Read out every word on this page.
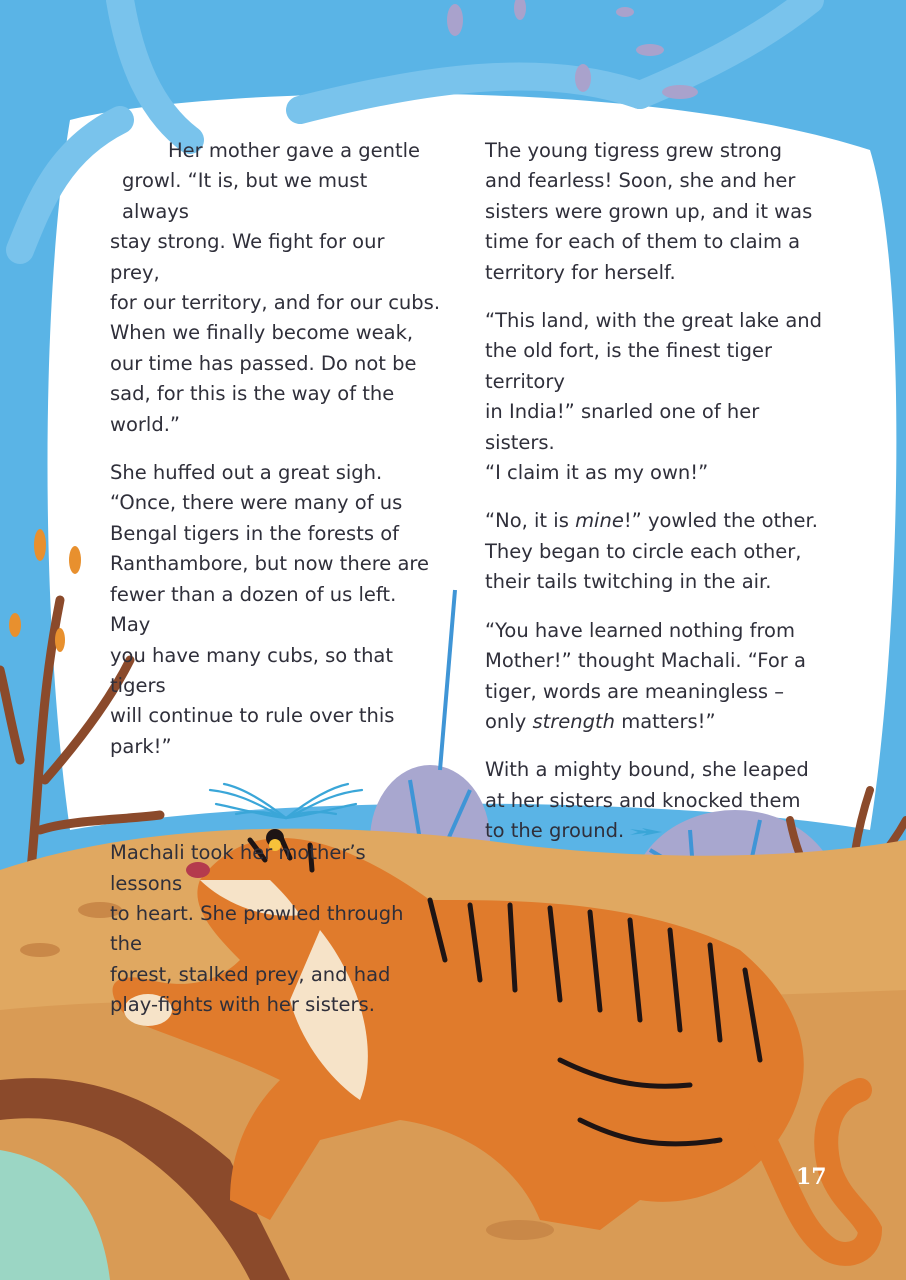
Her mother gave a gentle
growl. “It is, but we must always
stay strong. We fight for our prey,
for our territory, and for our cubs.
When we finally become weak,
our time has passed. Do not be
sad, for this is the way of the world.”

She huffed out a great sigh.
“Once, there were many of us
Bengal tigers in the forests of
Ranthambore, but now there are
fewer than a dozen of us left. May
you have many cubs, so that tigers
will continue to rule over this park!”

Machali took her mother’s lessons
to heart. She prowled through the
forest, stalked prey, and had
play-fights with her sisters.

The young tigress grew strong
and fearless! Soon, she and her
sisters were grown up, and it was
time for each of them to claim a
territory for herself.

“This land, with the great lake and
the old fort, is the finest tiger territory
in India!” snarled one of her sisters.
“I claim it as my own!”

“No, it is mine!” yowled the other.
They began to circle each other,
their tails twitching in the air.

“You have learned nothing from
Mother!” thought Machali. “For a
tiger, words are meaningless –
only strength matters!”

With a mighty bound, she leaped
at her sisters and knocked them
to the ground.

17
